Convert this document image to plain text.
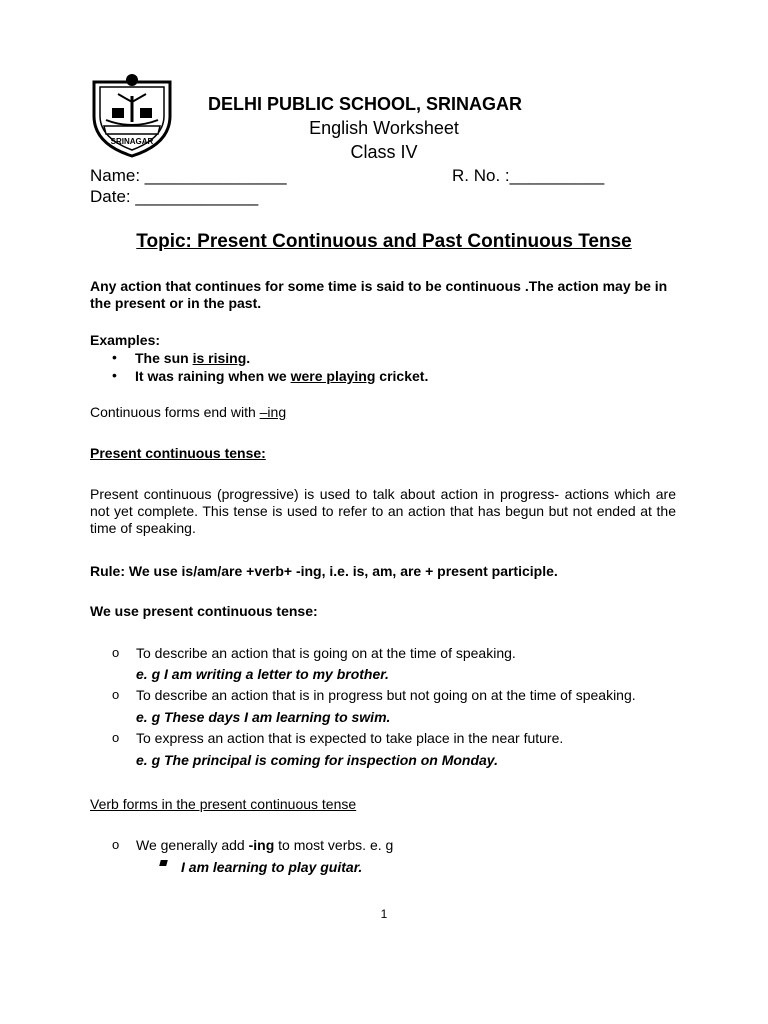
SRINAGAR
DELHI PUBLIC SCHOOL, SRINAGAR
English Worksheet
Class IV
Name: _______________	R. No. :__________
Date: _____________
Topic: Present Continuous and Past Continuous Tense
Any action that continues for some time is said to be continuous .The action may be in the present or in the past.
Examples:
• The sun is rising.
• It was raining when we were playing cricket.
Continuous forms end with –ing
Present continuous tense:
Present continuous (progressive) is used to talk about action in progress- actions which are not yet complete. This tense is used to refer to an action that has begun but not ended at the time of speaking.
Rule: We use is/am/are +verb+ -ing, i.e. is, am, are + present participle.
We use present continuous tense:
o To describe an action that is going on at the time of speaking.
e. g I am writing a letter to my brother.
o To describe an action that is in progress but not going on at the time of speaking.
e. g These days I am learning to swim.
o To express an action that is expected to take place in the near future.
e. g The principal is coming for inspection on Monday.
Verb forms in the present continuous tense
o We generally add -ing to most verbs. e. g
I am learning to play guitar.
1
